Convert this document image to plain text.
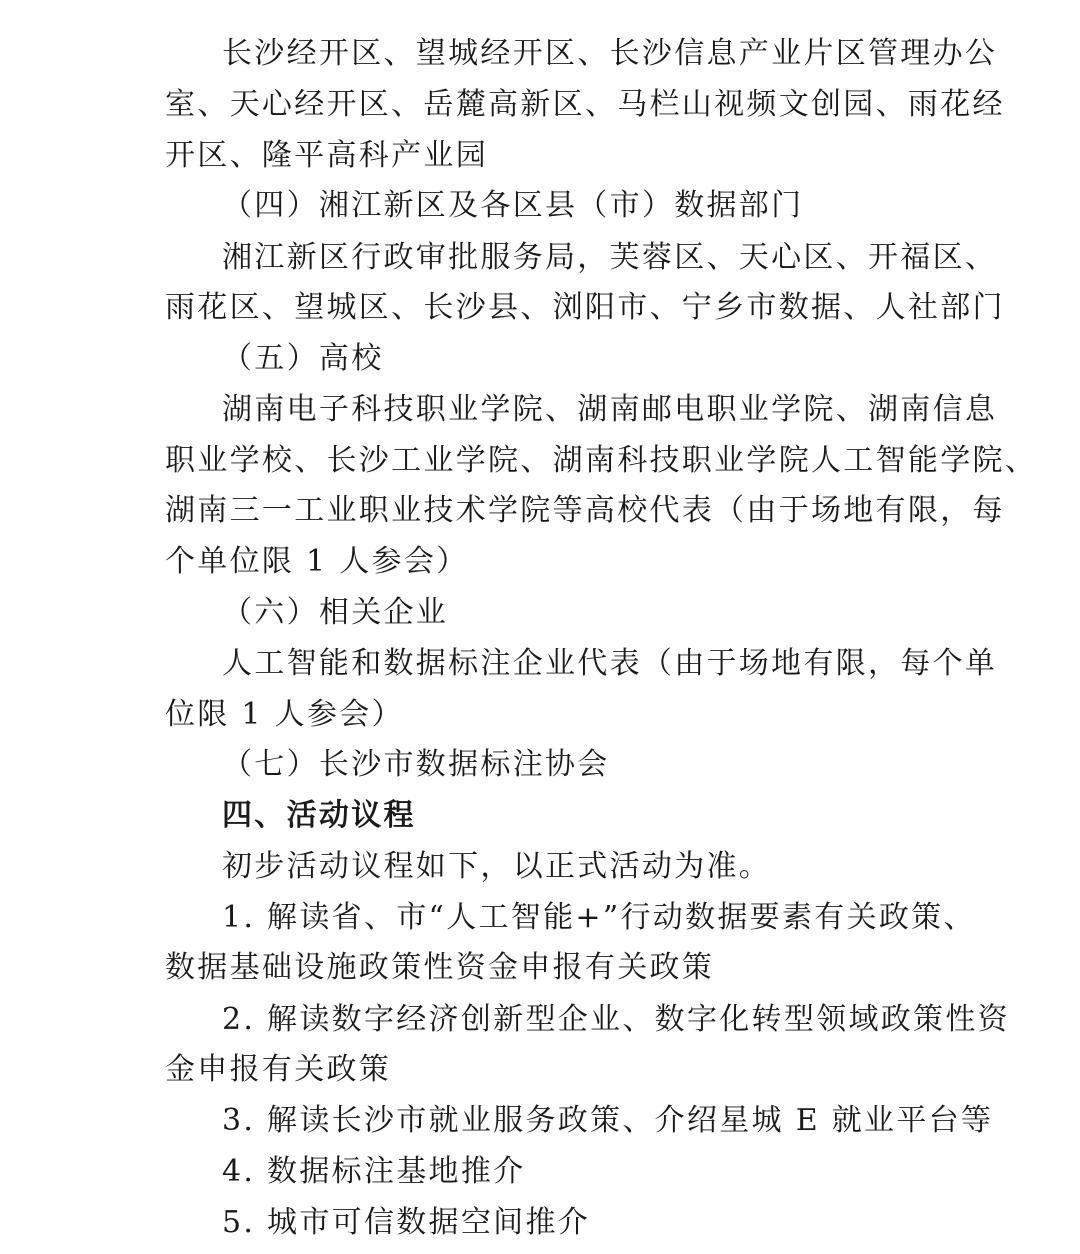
长沙经开区、望城经开区、长沙信息产业片区管理办公
室、天心经开区、岳麓高新区、马栏山视频文创园、雨花经
开区、隆平高科产业园
（四）湘江新区及各区县（市）数据部门
湘江新区行政审批服务局，芙蓉区、天心区、开福区、
雨花区、望城区、长沙县、浏阳市、宁乡市数据、人社部门
（五）高校
湖南电子科技职业学院、湖南邮电职业学院、湖南信息
职业学校、长沙工业学院、湖南科技职业学院人工智能学院、
湖南三一工业职业技术学院等高校代表（由于场地有限，每
个单位限 1 人参会）
（六）相关企业
人工智能和数据标注企业代表（由于场地有限，每个单
位限 1 人参会）
（七）长沙市数据标注协会
四、活动议程
初步活动议程如下，以正式活动为准。
1. 解读省、市“人工智能+”行动数据要素有关政策、
数据基础设施政策性资金申报有关政策
2. 解读数字经济创新型企业、数字化转型领域政策性资
金申报有关政策
3. 解读长沙市就业服务政策、介绍星城 E 就业平台等
4. 数据标注基地推介
5. 城市可信数据空间推介
